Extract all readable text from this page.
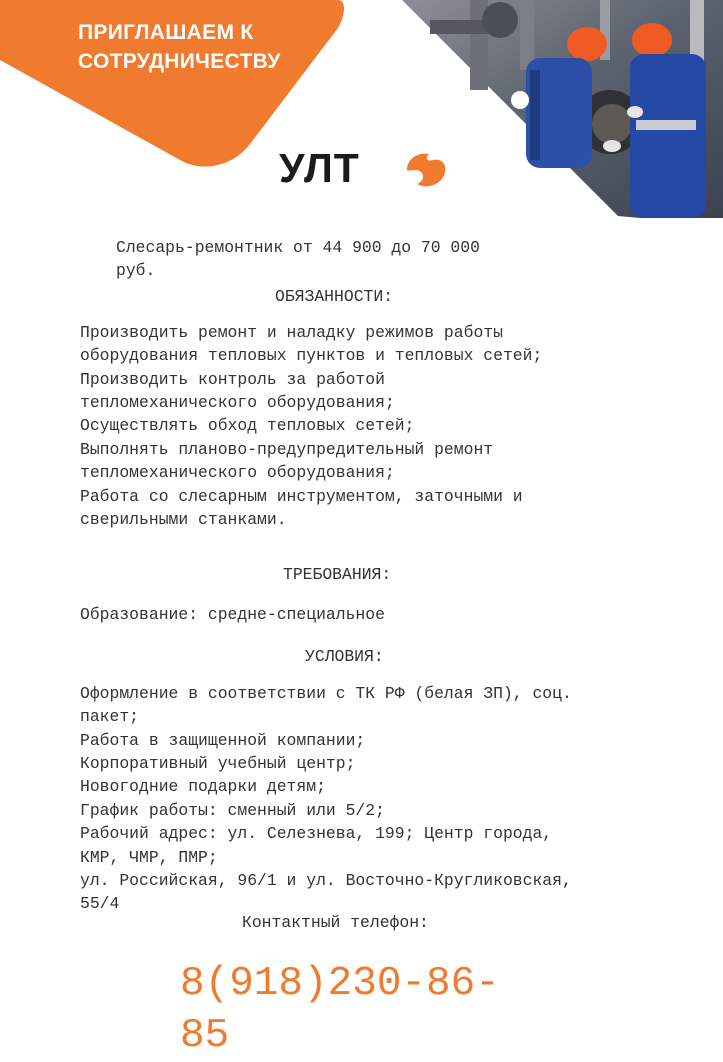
ПРИГЛАШАЕМ К
СОТРУДНИЧЕСТВУ
УЛТ
Слесарь-ремонтник от 44 900 до 70 000
руб.
ОБЯЗАННОСТИ:
Производить ремонт и наладку режимов работы
оборудования тепловых пунктов и тепловых сетей;
Производить контроль за работой
тепломеханического оборудования;
Осуществлять обход тепловых сетей;
Выполнять планово-предупредительный ремонт
тепломеханического оборудования;
Работа со слесарным инструментом, заточными и
сверильными станками.
ТРЕБОВАНИЯ:
Образование: средне-специальное
УСЛОВИЯ:
Оформление в соответствии с ТК РФ (белая ЗП), соц.
пакет;
Работа в защищенной компании;
Корпоративный учебный центр;
Новогодние подарки детям;
График работы: сменный или 5/2;
Рабочий адрес: ул. Селезнева, 199; Центр города,
КМР, ЧМР, ПМР;
ул. Российская, 96/1 и ул. Восточно-Кругликовская,
55/4
Контактный телефон:
8(918)230-86-
85
